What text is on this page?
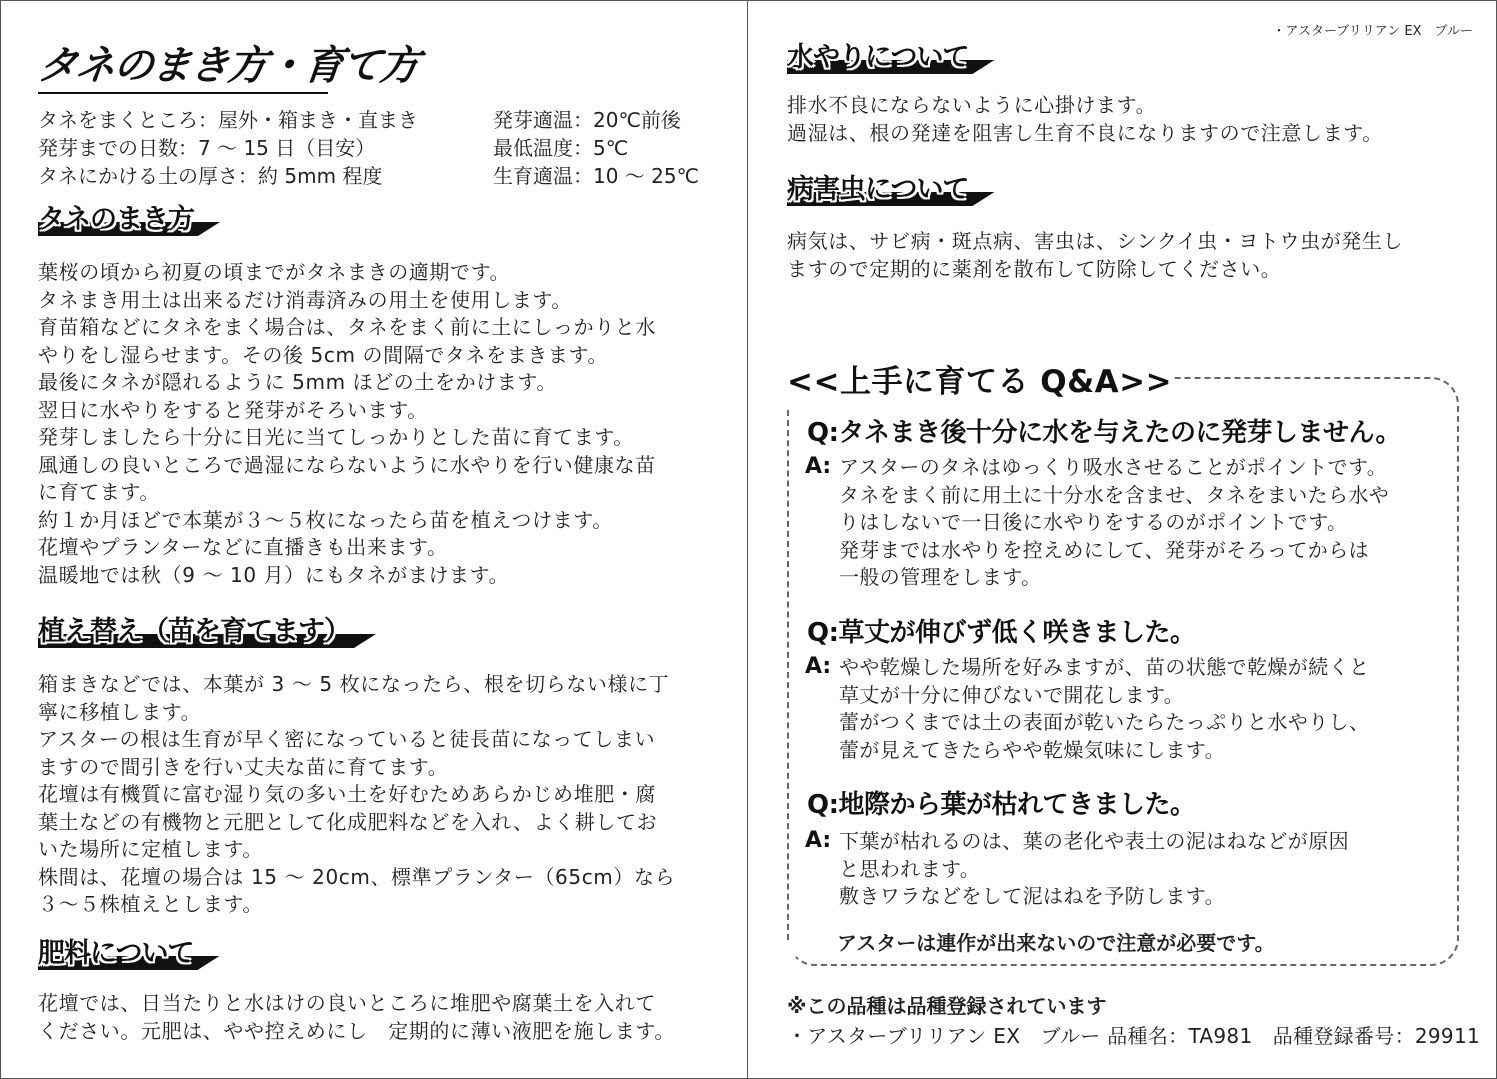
タネのまき方・育て方
タネをまくところ：屋外・箱まき・直まき
発芽までの日数：7 ～ 15 日（目安）
タネにかける土の厚さ：約 5mm 程度
発芽適温：20℃前後
最低温度：5℃
生育適温：10 ～ 25℃
タネのまき方
葉桜の頃から初夏の頃までがタネまきの適期です。
タネまき用土は出来るだけ消毒済みの用土を使用します。
育苗箱などにタネをまく場合は、タネをまく前に土にしっかりと水
やりをし湿らせます。その後 5cm の間隔でタネをまきます。
最後にタネが隠れるように 5mm ほどの土をかけます。
翌日に水やりをすると発芽がそろいます。
発芽しましたら十分に日光に当てしっかりとした苗に育てます。
風通しの良いところで過湿にならないように水やりを行い健康な苗
に育てます。
約１か月ほどで本葉が３～５枚になったら苗を植えつけます。
花壇やプランターなどに直播きも出来ます。
温暖地では秋（9 ～ 10 月）にもタネがまけます。
植え替え（苗を育てます）
箱まきなどでは、本葉が 3 ～ 5 枚になったら、根を切らない様に丁
寧に移植します。
アスターの根は生育が早く密になっていると徒長苗になってしまい
ますので間引きを行い丈夫な苗に育てます。
花壇は有機質に富む湿り気の多い土を好むためあらかじめ堆肥・腐
葉土などの有機物と元肥として化成肥料などを入れ、よく耕してお
いた場所に定植します。
株間は、花壇の場合は 15 ～ 20cm、標準プランター（65cm）なら
３～５株植えとします。
肥料について
花壇では、日当たりと水はけの良いところに堆肥や腐葉土を入れて
ください。元肥は、やや控えめにし　定期的に薄い液肥を施します。
・アスターブリリアン EX　ブルー
水やりについて
排水不良にならないように心掛けます。
過湿は、根の発達を阻害し生育不良になりますので注意します。
病害虫について
病気は、サビ病・斑点病、害虫は、シンクイ虫・ヨトウ虫が発生し
ますので定期的に薬剤を散布して防除してください。
<<上手に育てる Q&A>>
Q:タネまき後十分に水を与えたのに発芽しません。
A: アスターのタネはゆっくり吸水させることがポイントです。
タネをまく前に用土に十分水を含ませ、タネをまいたら水や
りはしないで一日後に水やりをするのがポイントです。
発芽までは水やりを控えめにして、発芽がそろってからは
一般の管理をします。
Q:草丈が伸びず低く咲きました。
A: やや乾燥した場所を好みますが、苗の状態で乾燥が続くと
草丈が十分に伸びないで開花します。
蕾がつくまでは土の表面が乾いたらたっぷりと水やりし、
蕾が見えてきたらやや乾燥気味にします。
Q:地際から葉が枯れてきました。
A: 下葉が枯れるのは、葉の老化や表土の泥はねなどが原因
と思われます。
敷きワラなどをして泥はねを予防します。
アスターは連作が出来ないので注意が必要です。
※この品種は品種登録されています
・アスターブリリアン EX　ブルー 品種名：TA981　品種登録番号：29911
